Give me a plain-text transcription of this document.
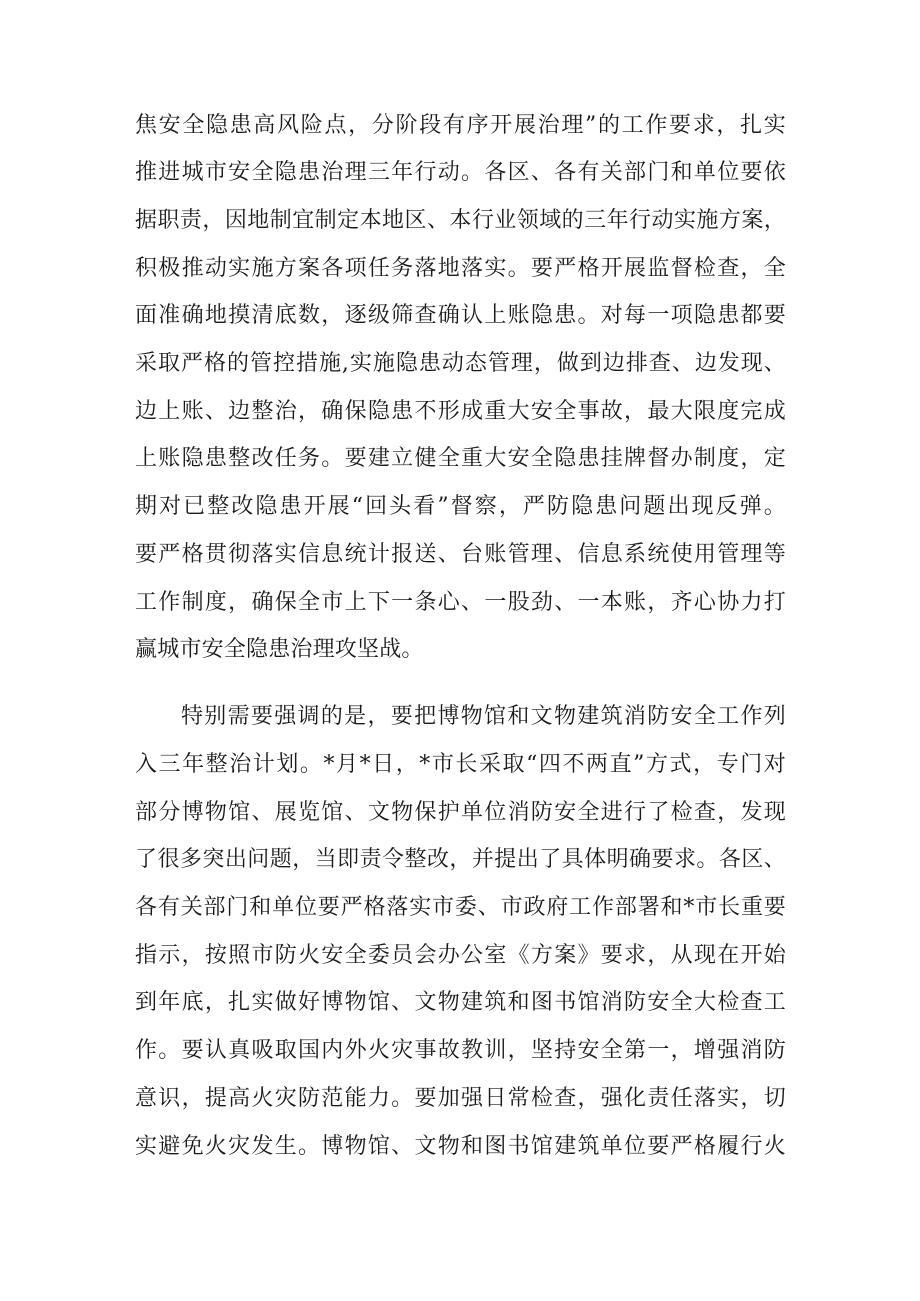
焦安全隐患高风险点，分阶段有序开展治理”的工作要求，扎实
推进城市安全隐患治理三年行动。各区、各有关部门和单位要依
据职责，因地制宜制定本地区、本行业领域的三年行动实施方案，
积极推动实施方案各项任务落地落实。要严格开展监督检查，全
面准确地摸清底数，逐级筛查确认上账隐患。对每一项隐患都要
采取严格的管控措施,实施隐患动态管理，做到边排查、边发现、
边上账、边整治，确保隐患不形成重大安全事故，最大限度完成
上账隐患整改任务。要建立健全重大安全隐患挂牌督办制度，定
期对已整改隐患开展“回头看”督察，严防隐患问题出现反弹。
要严格贯彻落实信息统计报送、台账管理、信息系统使用管理等
工作制度，确保全市上下一条心、一股劲、一本账，齐心协力打
赢城市安全隐患治理攻坚战。
特别需要强调的是，要把博物馆和文物建筑消防安全工作列
入三年整治计划。*月*日，*市长采取“四不两直”方式，专门对
部分博物馆、展览馆、文物保护单位消防安全进行了检查，发现
了很多突出问题，当即责令整改，并提出了具体明确要求。各区、
各有关部门和单位要严格落实市委、市政府工作部署和*市长重要
指示，按照市防火安全委员会办公室《方案》要求，从现在开始
到年底，扎实做好博物馆、文物建筑和图书馆消防安全大检查工
作。要认真吸取国内外火灾事故教训，坚持安全第一，增强消防
意识，提高火灾防范能力。要加强日常检查，强化责任落实，切
实避免火灾发生。博物馆、文物和图书馆建筑单位要严格履行火
